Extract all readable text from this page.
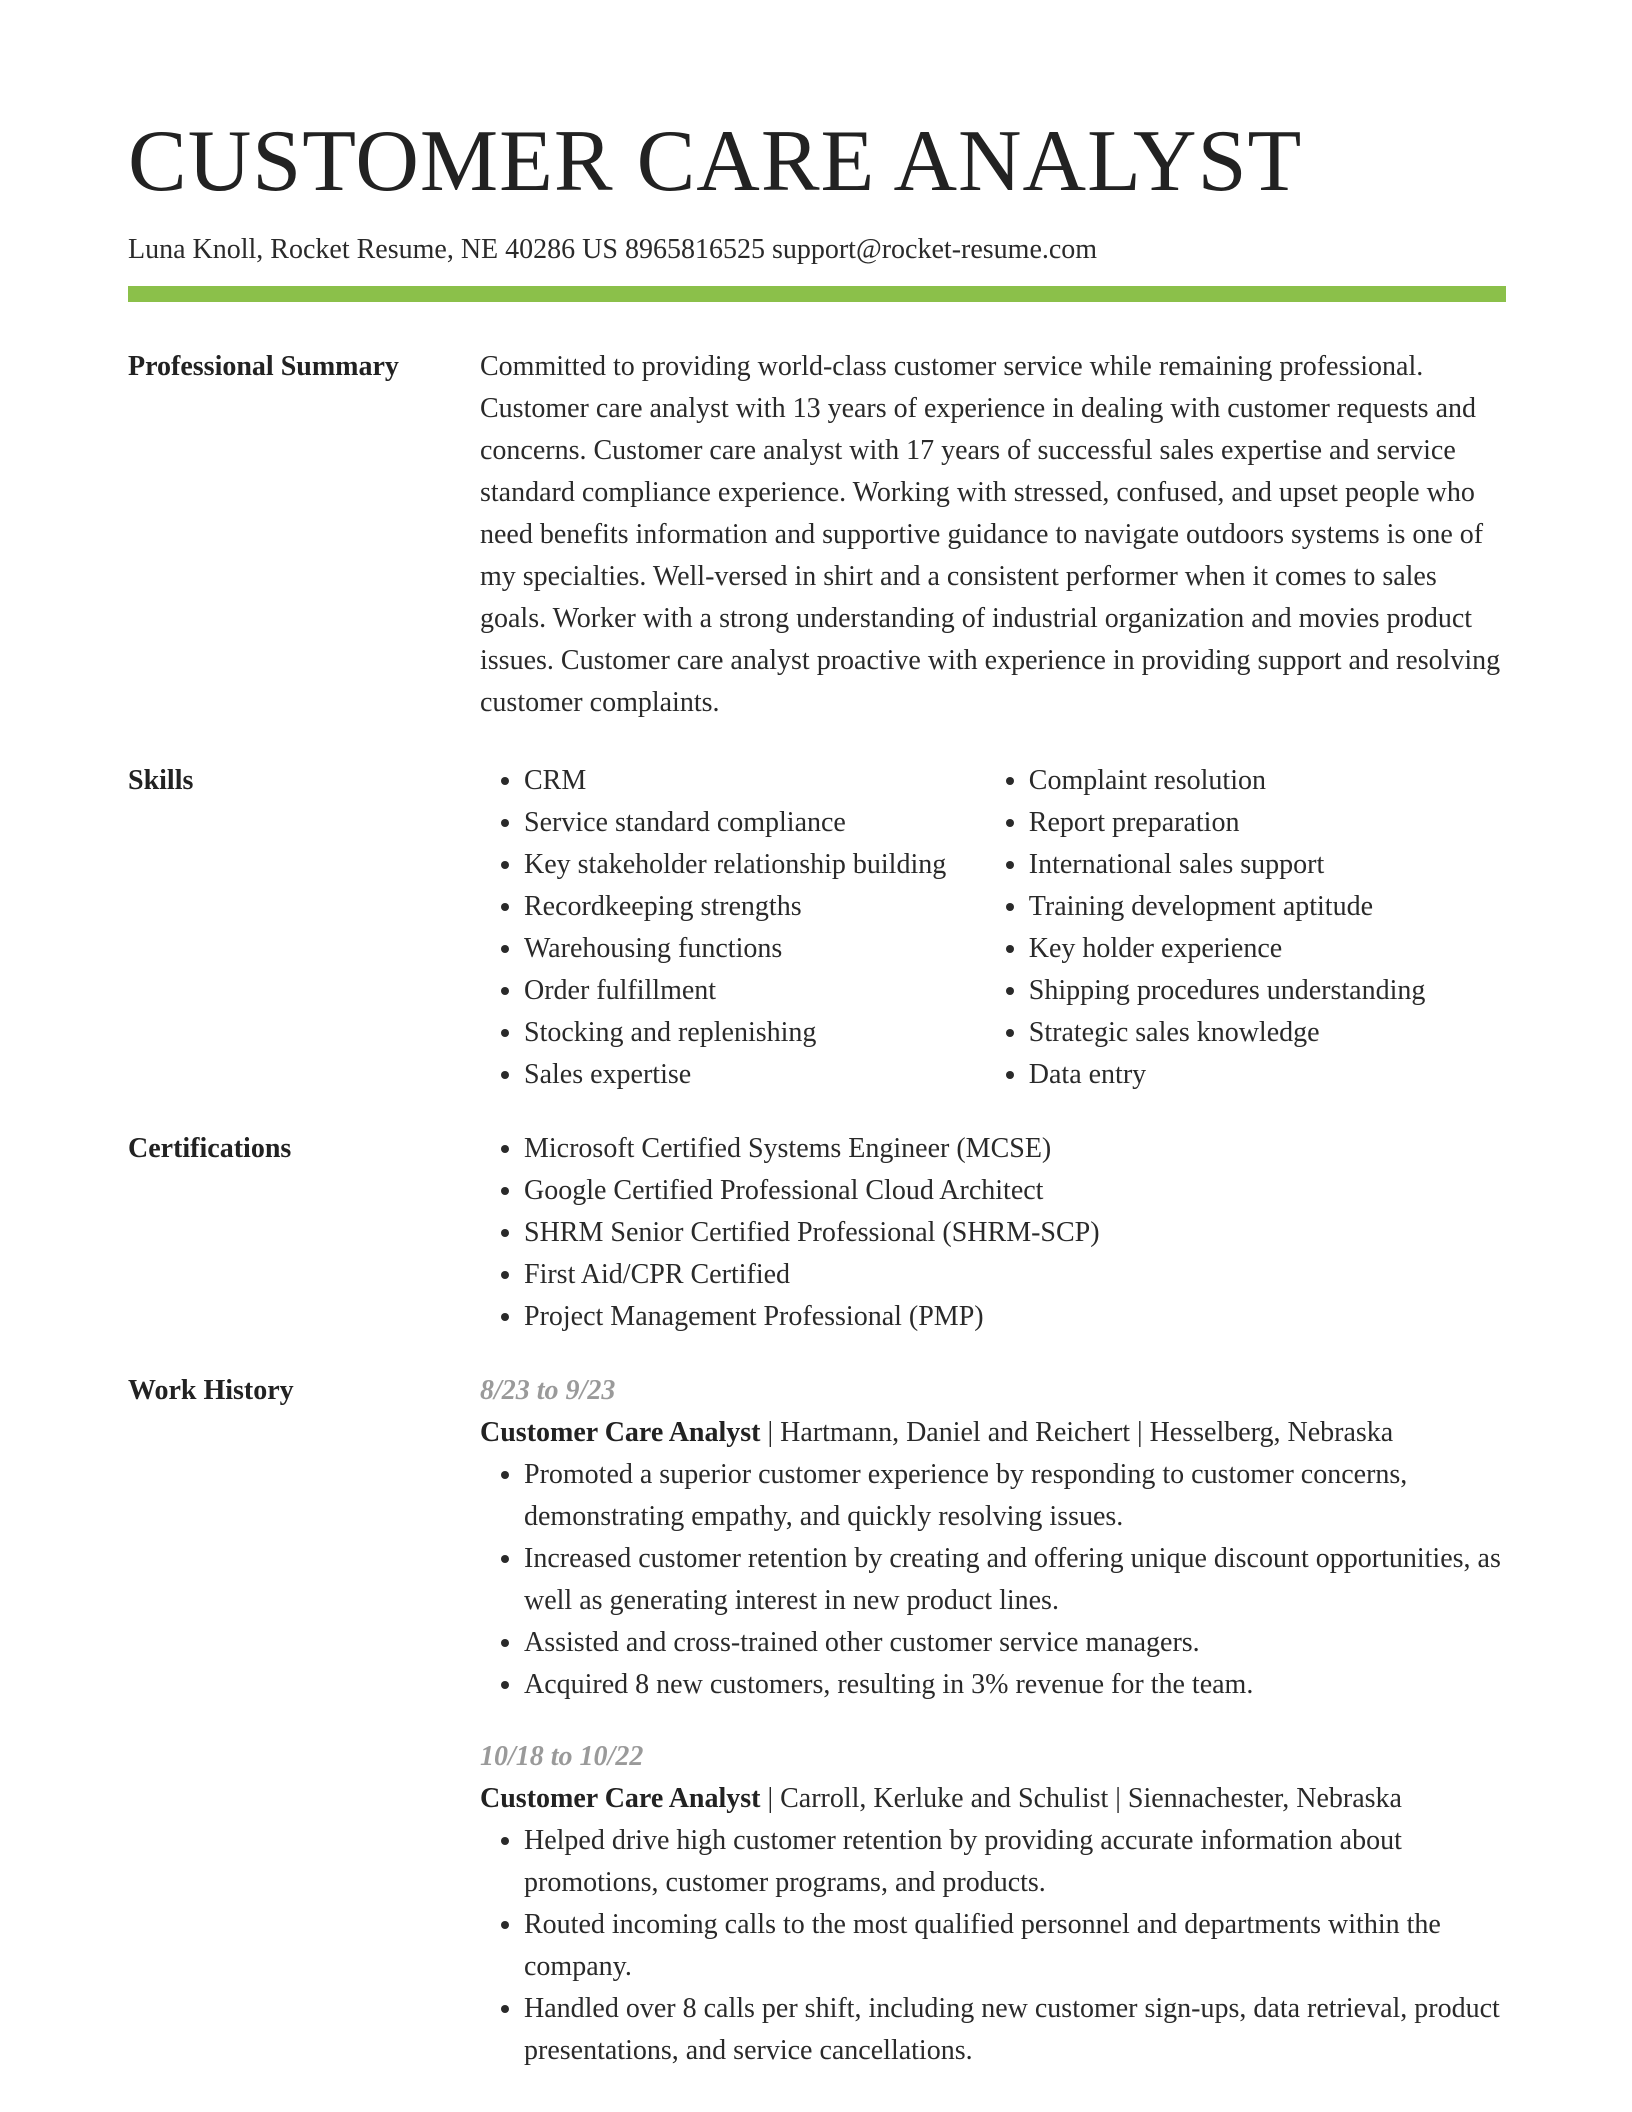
CUSTOMER CARE ANALYST
Luna Knoll, Rocket Resume, NE 40286 US 8965816525 support@rocket-resume.com
Professional Summary	Committed to providing world-class customer service while remaining professional. Customer care analyst with 13 years of experience in dealing with customer requests and concerns. Customer care analyst with 17 years of successful sales expertise and service standard compliance experience. Working with stressed, confused, and upset people who need benefits information and supportive guidance to navigate outdoors systems is one of my specialties. Well-versed in shirt and a consistent performer when it comes to sales goals. Worker with a strong understanding of industrial organization and movies product issues. Customer care analyst proactive with experience in providing support and resolving customer complaints.

Skills	• CRM
• Service standard compliance
• Key stakeholder relationship building
• Recordkeeping strengths
• Warehousing functions
• Order fulfillment
• Stocking and replenishing
• Sales expertise
• Complaint resolution
• Report preparation
• International sales support
• Training development aptitude
• Key holder experience
• Shipping procedures understanding
• Strategic sales knowledge
• Data entry
Certifications	• Microsoft Certified Systems Engineer (MCSE)
• Google Certified Professional Cloud Architect
• SHRM Senior Certified Professional (SHRM-SCP)
• First Aid/CPR Certified
• Project Management Professional (PMP)
Work History	8/23 to 9/23
Customer Care Analyst | Hartmann, Daniel and Reichert | Hesselberg, Nebraska
• Promoted a superior customer experience by responding to customer concerns, demonstrating empathy, and quickly resolving issues.
• Increased customer retention by creating and offering unique discount opportunities, as well as generating interest in new product lines.
• Assisted and cross-trained other customer service managers.
• Acquired 8 new customers, resulting in 3% revenue for the team.
10/18 to 10/22
Customer Care Analyst | Carroll, Kerluke and Schulist | Siennachester, Nebraska
• Helped drive high customer retention by providing accurate information about promotions, customer programs, and products.
• Routed incoming calls to the most qualified personnel and departments within the company.
• Handled over 8 calls per shift, including new customer sign-ups, data retrieval, product presentations, and service cancellations.
